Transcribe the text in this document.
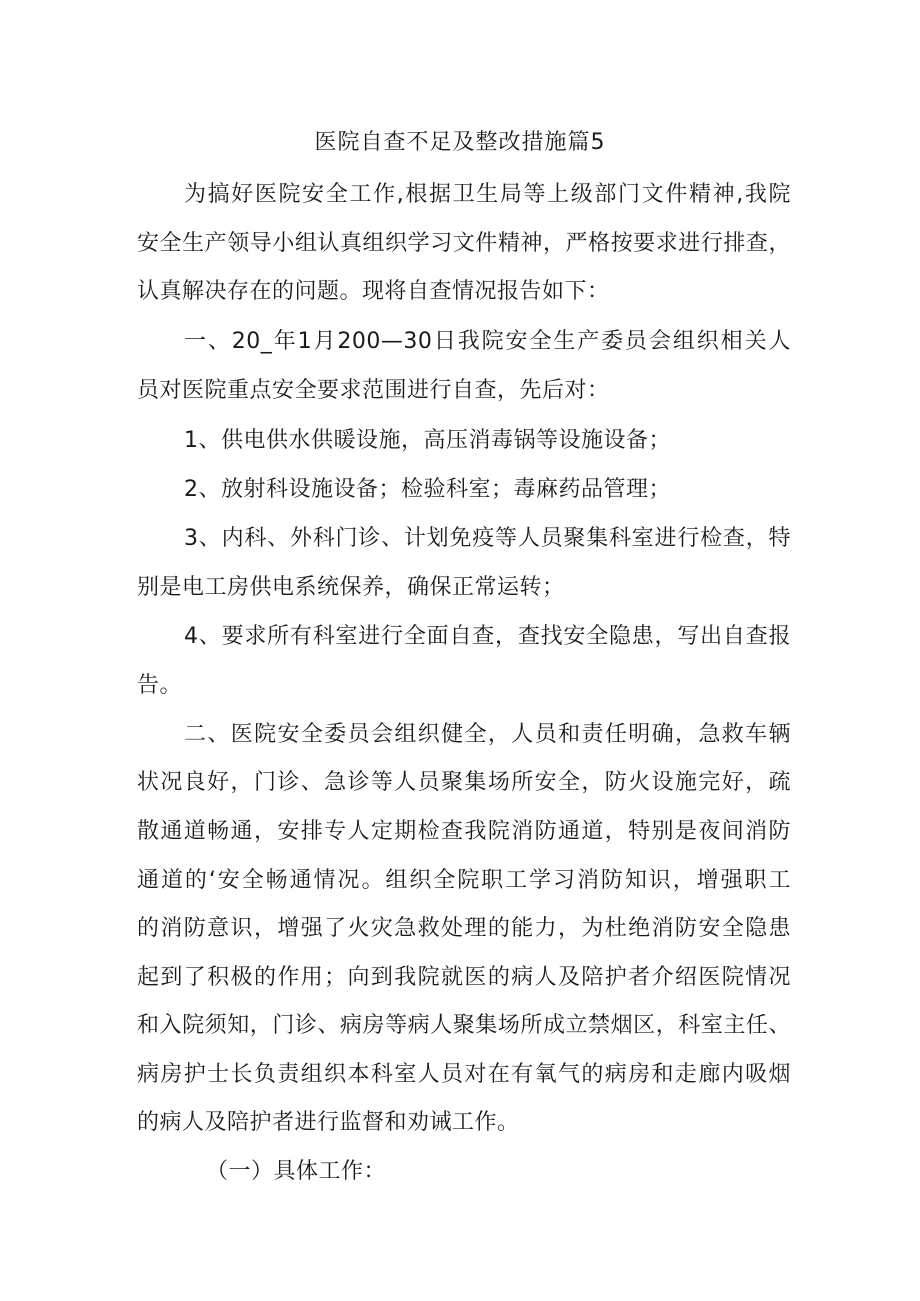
医院自查不足及整改措施篇5
为搞好医院安全工作,根据卫生局等上级部门文件精神,我院
安全生产领导小组认真组织学习文件精神，严格按要求进行排查，
认真解决存在的问题。现将自查情况报告如下：
一、20_年1月200—30日我院安全生产委员会组织相关人
员对医院重点安全要求范围进行自查，先后对：
1、供电供水供暖设施，高压消毒锅等设施设备；
2、放射科设施设备；检验科室；毒麻药品管理；
3、内科、外科门诊、计划免疫等人员聚集科室进行检查，特
别是电工房供电系统保养，确保正常运转；
4、要求所有科室进行全面自查，查找安全隐患，写出自查报
告。
二、医院安全委员会组织健全，人员和责任明确，急救车辆
状况良好，门诊、急诊等人员聚集场所安全，防火设施完好，疏
散通道畅通，安排专人定期检查我院消防通道，特别是夜间消防
通道的‘安全畅通情况。组织全院职工学习消防知识，增强职工
的消防意识，增强了火灾急救处理的能力，为杜绝消防安全隐患
起到了积极的作用；向到我院就医的病人及陪护者介绍医院情况
和入院须知，门诊、病房等病人聚集场所成立禁烟区，科室主任、
病房护士长负责组织本科室人员对在有氧气的病房和走廊内吸烟
的病人及陪护者进行监督和劝诫工作。
（一）具体工作：
